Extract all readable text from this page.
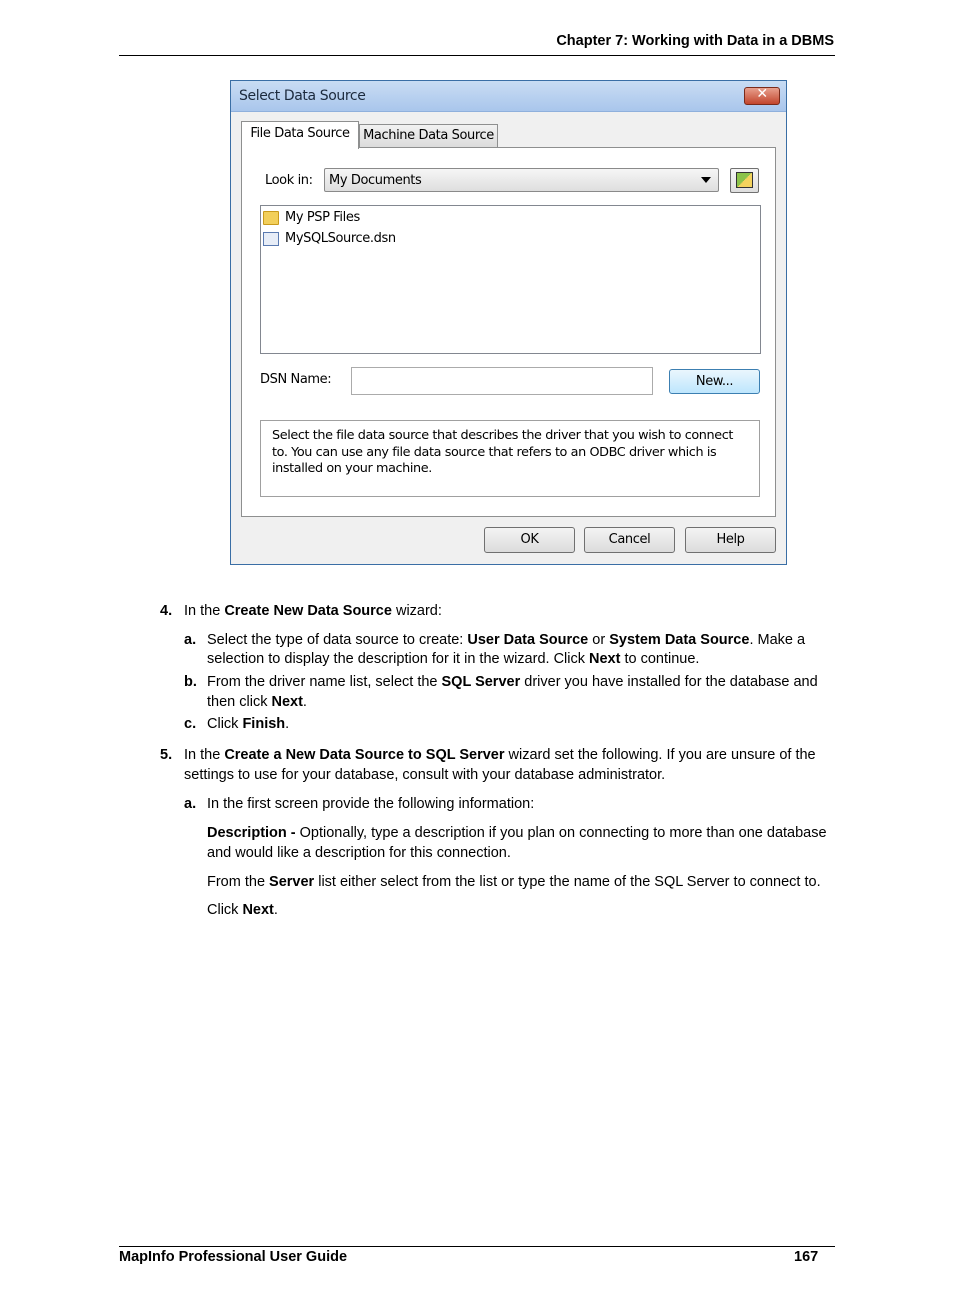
Chapter 7: Working with Data in a DBMS
Select Data Source	✕
File Data Source	Machine Data Source
Look in: My Documents
My PSP Files
MySQLSource.dsn
DSN Name:	New...
Select the file data source that describes the driver that you wish to connect to. You can use any file data source that refers to an ODBC driver which is installed on your machine.
OK	Cancel	Help
4. In the Create New Data Source wizard:
a. Select the type of data source to create: User Data Source or System Data Source. Make a
selection to display the description for it in the wizard. Click Next to continue.
b. From the driver name list, select the SQL Server driver you have installed for the database and
then click Next.
c. Click Finish.
5. In the Create a New Data Source to SQL Server wizard set the following. If you are unsure of the
settings to use for your database, consult with your database administrator.
a. In the first screen provide the following information:
Description - Optionally, type a description if you plan on connecting to more than one database
and would like a description for this connection.
From the Server list either select from the list or type the name of the SQL Server to connect to.
Click Next.
MapInfo Professional User Guide	167
